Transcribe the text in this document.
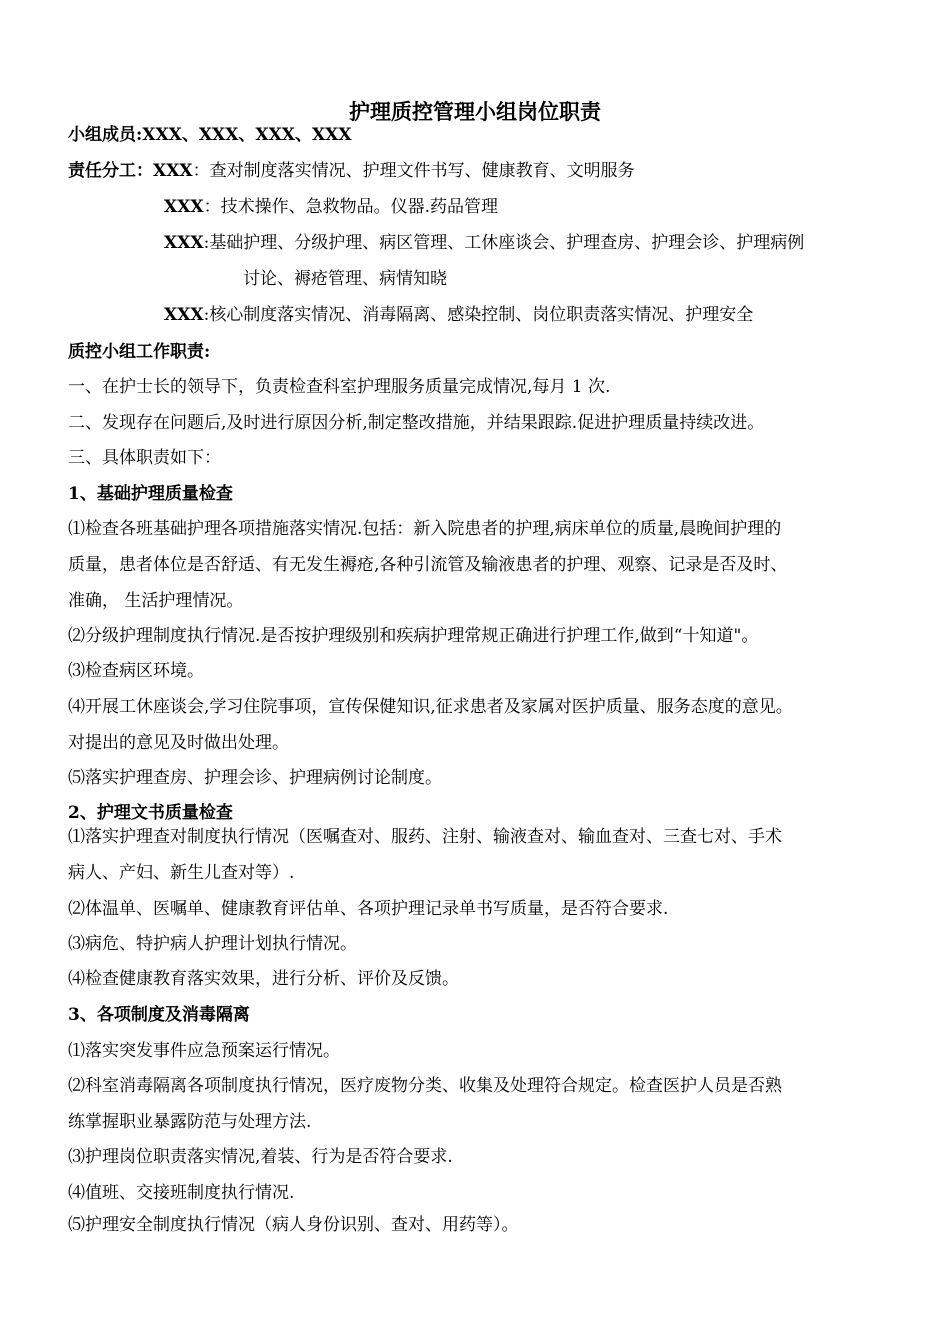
护理质控管理小组岗位职责
小组成员:XXX、XXX、XXX、XXX
责任分工：XXX：查对制度落实情况、护理文件书写、健康教育、文明服务
XXX：技术操作、急救物品。仪器.药品管理
XXX:基础护理、分级护理、病区管理、工休座谈会、护理查房、护理会诊、护理病例
讨论、褥疮管理、病情知晓
XXX:核心制度落实情况、消毒隔离、感染控制、岗位职责落实情况、护理安全
质控小组工作职责:
一、在护士长的领导下，负责检查科室护理服务质量完成情况,每月 1 次.
二、发现存在问题后,及时进行原因分析,制定整改措施，并结果跟踪.促进护理质量持续改进。
三、具体职责如下：
1、基础护理质量检查
⑴检查各班基础护理各项措施落实情况.包括：新入院患者的护理,病床单位的质量,晨晚间护理的
质量，患者体位是否舒适、有无发生褥疮,各种引流管及输液患者的护理、观察、记录是否及时、
准确， 生活护理情况。
⑵分级护理制度执行情况.是否按护理级别和疾病护理常规正确进行护理工作,做到“十知道"。
⑶检查病区环境。
⑷开展工休座谈会,学习住院事项，宣传保健知识,征求患者及家属对医护质量、服务态度的意见。
对提出的意见及时做出处理。
⑸落实护理查房、护理会诊、护理病例讨论制度。
2、护理文书质量检查
⑴落实护理查对制度执行情况（医嘱查对、服药、注射、输液查对、输血查对、三查七对、手术
病人、产妇、新生儿查对等）.
⑵体温单、医嘱单、健康教育评估单、各项护理记录单书写质量，是否符合要求.
⑶病危、特护病人护理计划执行情况。
⑷检查健康教育落实效果，进行分析、评价及反馈。
3、各项制度及消毒隔离
⑴落实突发事件应急预案运行情况。
⑵科室消毒隔离各项制度执行情况，医疗废物分类、收集及处理符合规定。检查医护人员是否熟
练掌握职业暴露防范与处理方法.
⑶护理岗位职责落实情况,着装、行为是否符合要求.
⑷值班、交接班制度执行情况.
⑸护理安全制度执行情况（病人身份识别、查对、用药等）。
